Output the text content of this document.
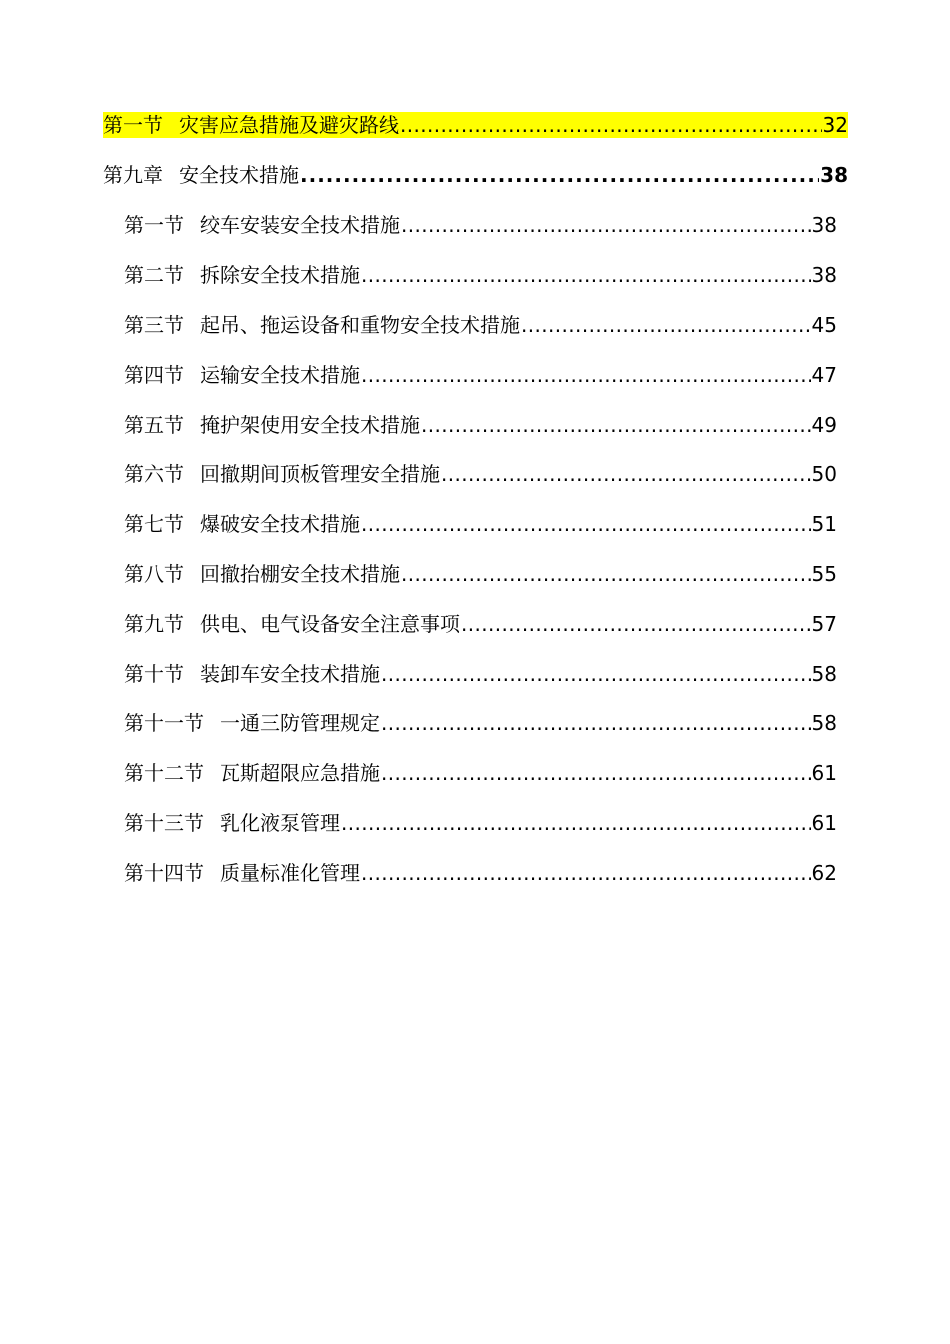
第一节 灾害应急措施及避灾路线 .....	32
第九章 安全技术措施 .....	38
第一节 绞车安装安全技术措施 .....	38
第二节 拆除安全技术措施 .....	38
第三节 起吊、拖运设备和重物安全技术措施 .....	45
第四节 运输安全技术措施 .....	47
第五节 掩护架使用安全技术措施 .....	49
第六节 回撤期间顶板管理安全措施 .....	50
第七节 爆破安全技术措施 .....	51
第八节 回撤抬棚安全技术措施 .....	55
第九节 供电、电气设备安全注意事项 .....	57
第十节 装卸车安全技术措施 .....	58
第十一节 一通三防管理规定 .....	58
第十二节 瓦斯超限应急措施 .....	61
第十三节 乳化液泵管理 .....	61
第十四节 质量标准化管理 .....	62
